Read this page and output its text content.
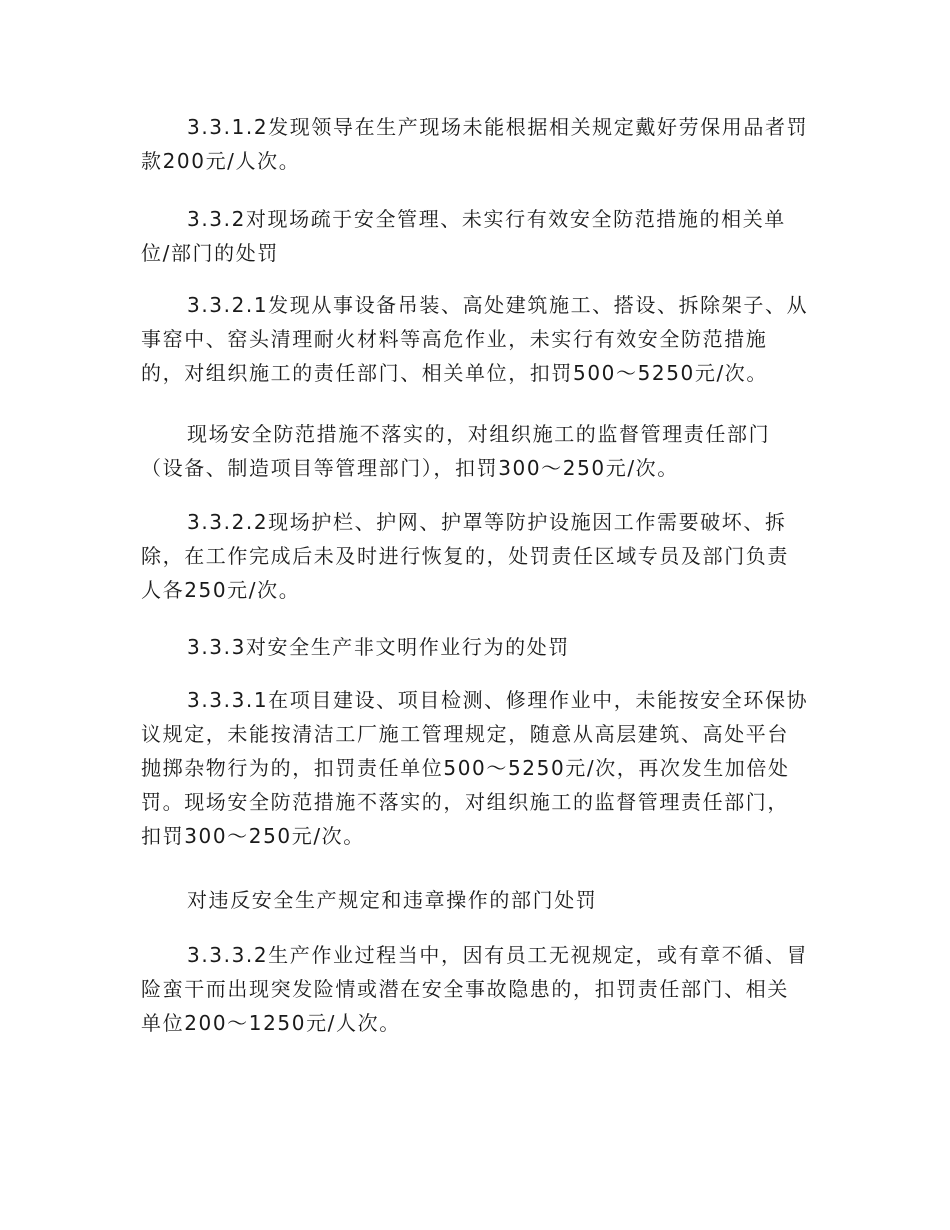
3.3.1.2发现领导在生产现场未能根据相关规定戴好劳保用品者罚
款200元/人次。
3.3.2对现场疏于安全管理、未实行有效安全防范措施的相关单
位/部门的处罚
3.3.2.1发现从事设备吊装、高处建筑施工、搭设、拆除架子、从
事窑中、窑头清理耐火材料等高危作业，未实行有效安全防范措施
的，对组织施工的责任部门、相关单位，扣罚500～5250元/次。
现场安全防范措施不落实的，对组织施工的监督管理责任部门
（设备、制造项目等管理部门），扣罚300～250元/次。
3.3.2.2现场护栏、护网、护罩等防护设施因工作需要破坏、拆
除，在工作完成后未及时进行恢复的，处罚责任区域专员及部门负责
人各250元/次。
3.3.3对安全生产非文明作业行为的处罚
3.3.3.1在项目建设、项目检测、修理作业中，未能按安全环保协
议规定，未能按清洁工厂施工管理规定，随意从高层建筑、高处平台
抛掷杂物行为的，扣罚责任单位500～5250元/次，再次发生加倍处
罚。现场安全防范措施不落实的，对组织施工的监督管理责任部门，
扣罚300～250元/次。
对违反安全生产规定和违章操作的部门处罚
3.3.3.2生产作业过程当中，因有员工无视规定，或有章不循、冒
险蛮干而出现突发险情或潜在安全事故隐患的，扣罚责任部门、相关
单位200～1250元/人次。
